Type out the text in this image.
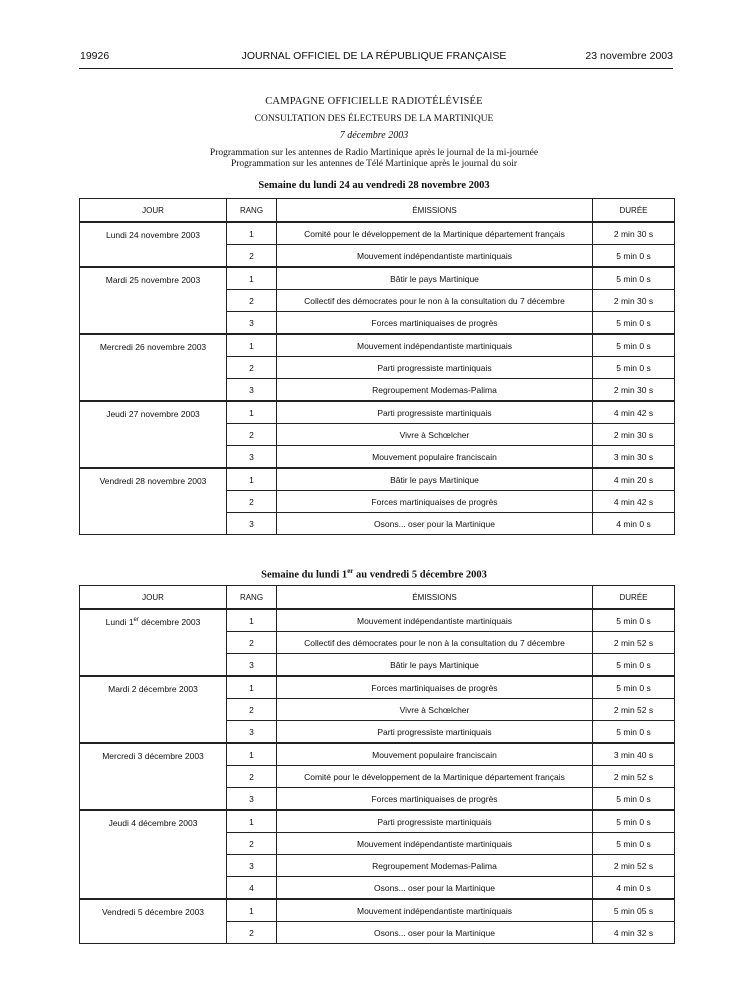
19926	JOURNAL OFFICIEL DE LA RÉPUBLIQUE FRANÇAISE	23 novembre 2003
CAMPAGNE OFFICIELLE RADIOTÉLÉVISÉE
CONSULTATION DES ÉLECTEURS DE LA MARTINIQUE
7 décembre 2003
Programmation sur les antennes de Radio Martinique après le journal de la mi-journée
Programmation sur les antennes de Télé Martinique après le journal du soir
Semaine du lundi 24 au vendredi 28 novembre 2003
JOUR	RANG	ÉMISSIONS	DURÉE
Lundi 24 novembre 2003	1	Comité pour le développement de la Martinique département français	2 min 30 s
	2	Mouvement indépendantiste martiniquais	5 min 0 s
Mardi 25 novembre 2003	1	Bâtir le pays Martinique	5 min 0 s
	2	Collectif des démocrates pour le non à la consultation du 7 décembre	2 min 30 s
	3	Forces martiniquaises de progrès	5 min 0 s
Mercredi 26 novembre 2003	1	Mouvement indépendantiste martiniquais	5 min 0 s
	2	Parti progressiste martiniquais	5 min 0 s
	3	Regroupement Modemas-Palima	2 min 30 s
Jeudi 27 novembre 2003	1	Parti progressiste martiniquais	4 min 42 s
	2	Vivre à Schœlcher	2 min 30 s
	3	Mouvement populaire franciscain	3 min 30 s
Vendredi 28 novembre 2003	1	Bâtir le pays Martinique	4 min 20 s
	2	Forces martiniquaises de progrès	4 min 42 s
	3	Osons... oser pour la Martinique	4 min 0 s
Semaine du lundi 1er au vendredi 5 décembre 2003
JOUR	RANG	ÉMISSIONS	DURÉE
Lundi 1er décembre 2003	1	Mouvement indépendantiste martiniquais	5 min 0 s
	2	Collectif des démocrates pour le non à la consultation du 7 décembre	2 min 52 s
	3	Bâtir le pays Martinique	5 min 0 s
Mardi 2 décembre 2003	1	Forces martiniquaises de progrès	5 min 0 s
	2	Vivre à Schœlcher	2 min 52 s
	3	Parti progressiste martiniquais	5 min 0 s
Mercredi 3 décembre 2003	1	Mouvement populaire franciscain	3 min 40 s
	2	Comité pour le développement de la Martinique département français	2 min 52 s
	3	Forces martiniquaises de progrès	5 min 0 s
Jeudi 4 décembre 2003	1	Parti progressiste martiniquais	5 min 0 s
	2	Mouvement indépendantiste martiniquais	5 min 0 s
	3	Regroupement Modemas-Palima	2 min 52 s
	4	Osons... oser pour la Martinique	4 min 0 s
Vendredi 5 décembre 2003	1	Mouvement indépendantiste martiniquais	5 min 05 s
	2	Osons... oser pour la Martinique	4 min 32 s
